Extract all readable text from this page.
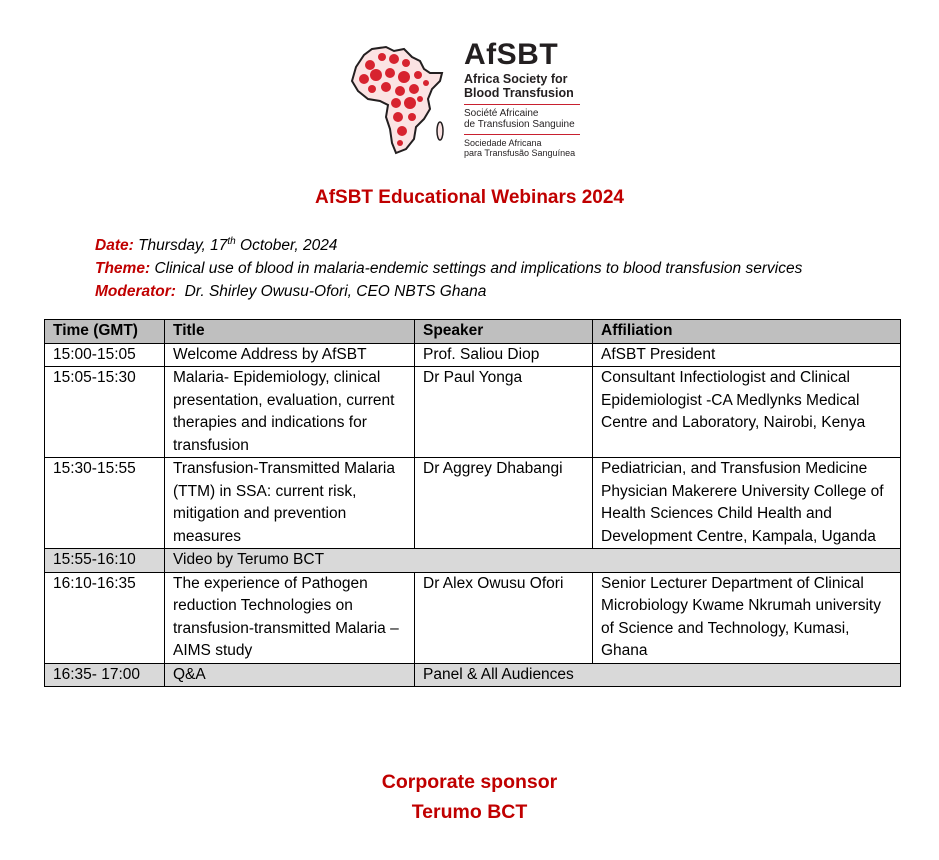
AfSBT
Africa Society for
Blood Transfusion
Société Africaine
de Transfusion Sanguine
Sociedade Africana
para Transfusão Sanguínea
AfSBT Educational Webinars 2024
Date: Thursday, 17th October, 2024
Theme: Clinical use of blood in malaria-endemic settings and implications to blood transfusion services
Moderator: Dr. Shirley Owusu-Ofori, CEO NBTS Ghana
Time (GMT)	Title	Speaker	Affiliation
15:00-15:05	Welcome Address by AfSBT	Prof. Saliou Diop	AfSBT President
15:05-15:30	Malaria- Epidemiology, clinical presentation, evaluation, current therapies and indications for transfusion	Dr Paul Yonga	Consultant Infectiologist and Clinical Epidemiologist -CA Medlynks Medical Centre and Laboratory, Nairobi, Kenya
15:30-15:55	Transfusion-Transmitted Malaria (TTM) in SSA: current risk, mitigation and prevention measures	Dr Aggrey Dhabangi	Pediatrician, and Transfusion Medicine Physician Makerere University College of Health Sciences Child Health and Development Centre, Kampala, Uganda
15:55-16:10	Video by Terumo BCT		
16:10-16:35	The experience of Pathogen reduction Technologies on transfusion-transmitted Malaria – AIMS study	Dr Alex Owusu Ofori	Senior Lecturer Department of Clinical Microbiology Kwame Nkrumah university of Science and Technology, Kumasi, Ghana
16:35- 17:00	Q&A	Panel & All Audiences	
Corporate sponsor
Terumo BCT
